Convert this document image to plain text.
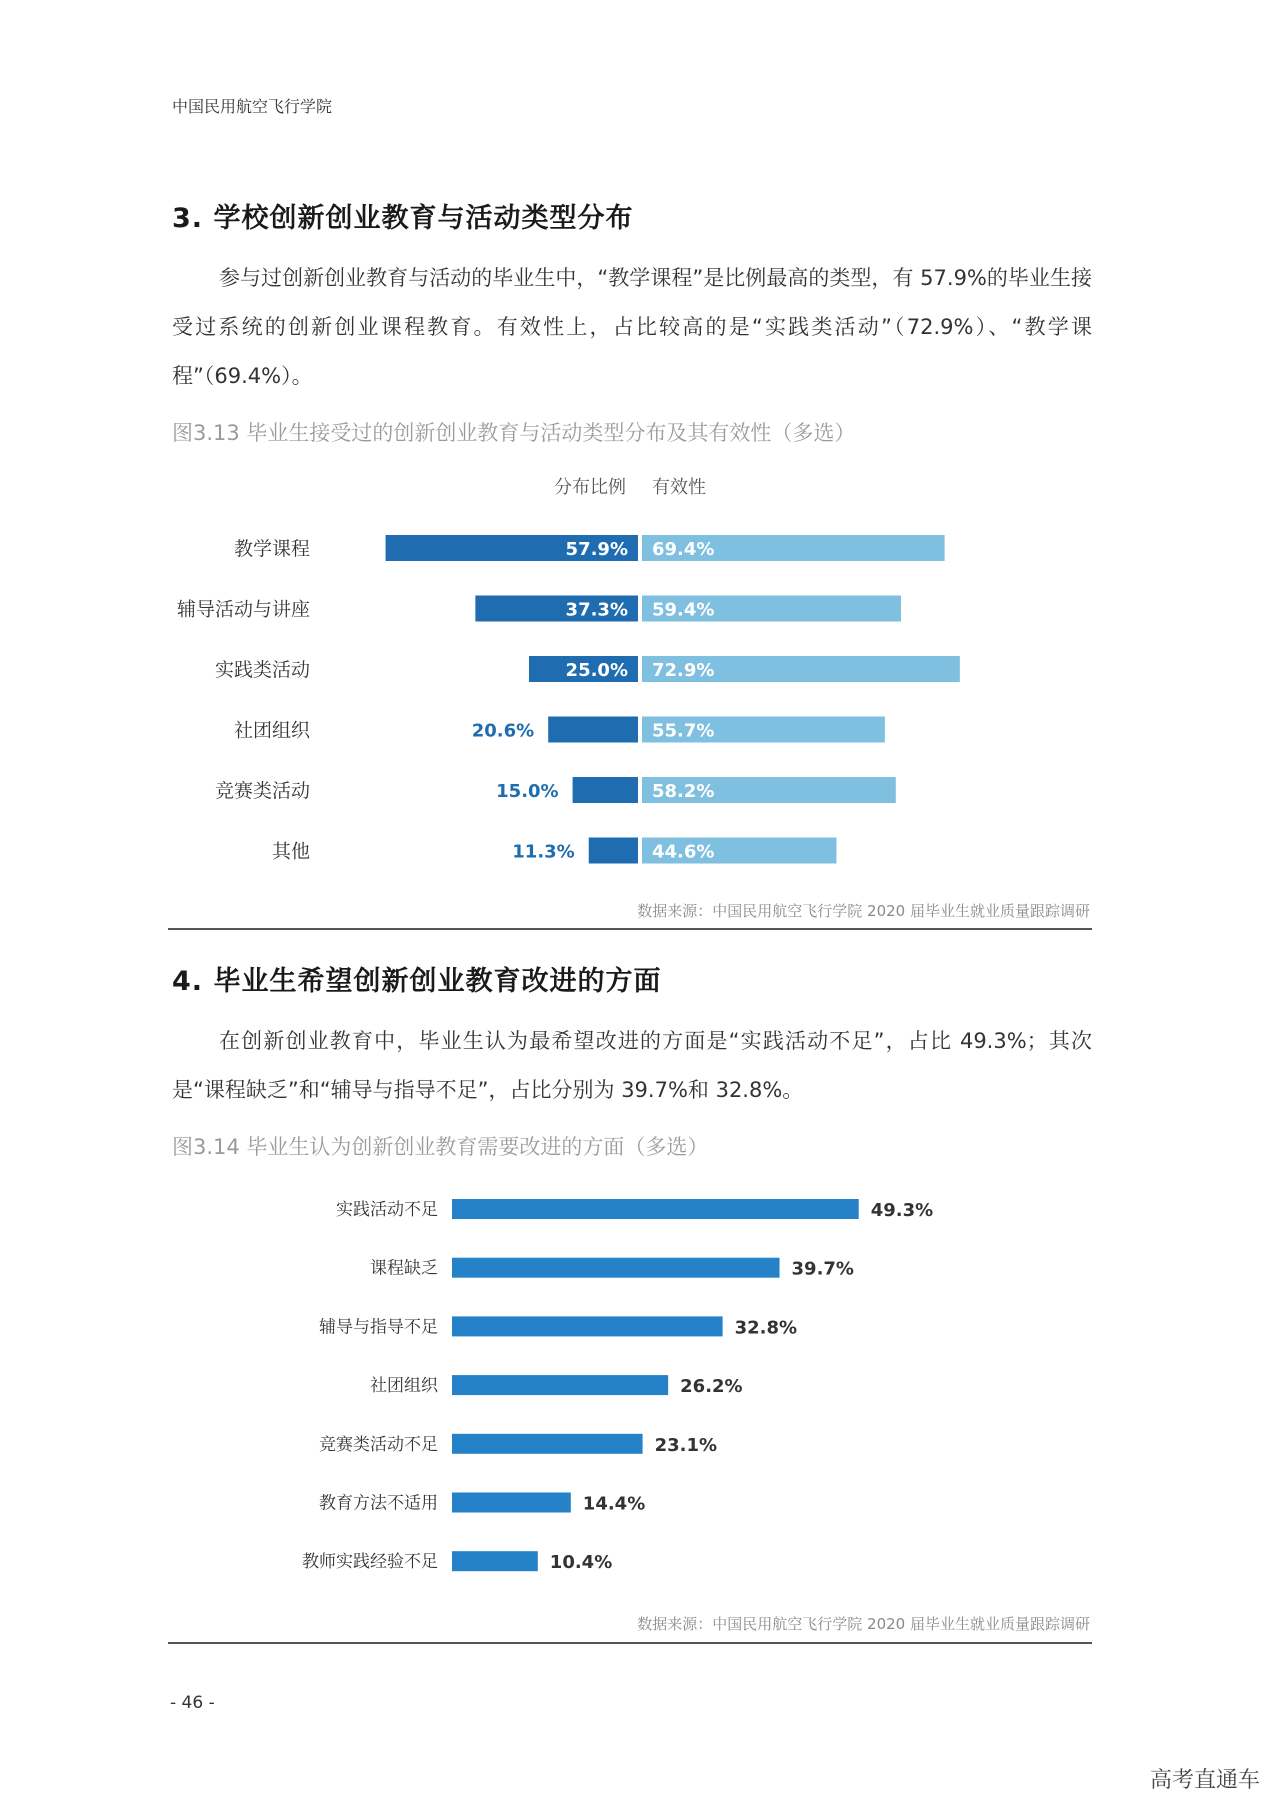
中国民用航空飞行学院
3. 学校创新创业教育与活动类型分布

参与过创新创业教育与活动的毕业生中，“教学课程”是比例最高的类型，有 57.9%的毕业生接受过系统的创新创业课程教育。有效性上，占比较高的是“实践类活动”（72.9%）、“教学课程”（69.4%）。

图3.13 毕业生接受过的创新创业教育与活动类型分布及其有效性（多选）
分布比例 有效性
教学课程	57.9% 69.4%
辅导活动与讲座	37.3% 59.4%
实践类活动	25.0% 72.9%
社团组织	20.6%	55.7%
竞赛类活动	15.0%	58.2%
其他	11.3%	44.6%
数据来源：中国民用航空飞行学院 2020 届毕业生就业质量跟踪调研
4. 毕业生希望创新创业教育改进的方面

在创新创业教育中，毕业生认为最希望改进的方面是“实践活动不足”，占比 49.3%；其次是“课程缺乏”和“辅导与指导不足”，占比分别为 39.7%和 32.8%。

图3.14 毕业生认为创新创业教育需要改进的方面（多选）
实践活动不足	49.3%
课程缺乏	39.7%
辅导与指导不足	32.8%
社团组织	26.2%
竞赛类活动不足	23.1%
教育方法不适用	14.4%
教师实践经验不足	10.4%
数据来源：中国民用航空飞行学院 2020 届毕业生就业质量跟踪调研
- 46 -
高考直通车
